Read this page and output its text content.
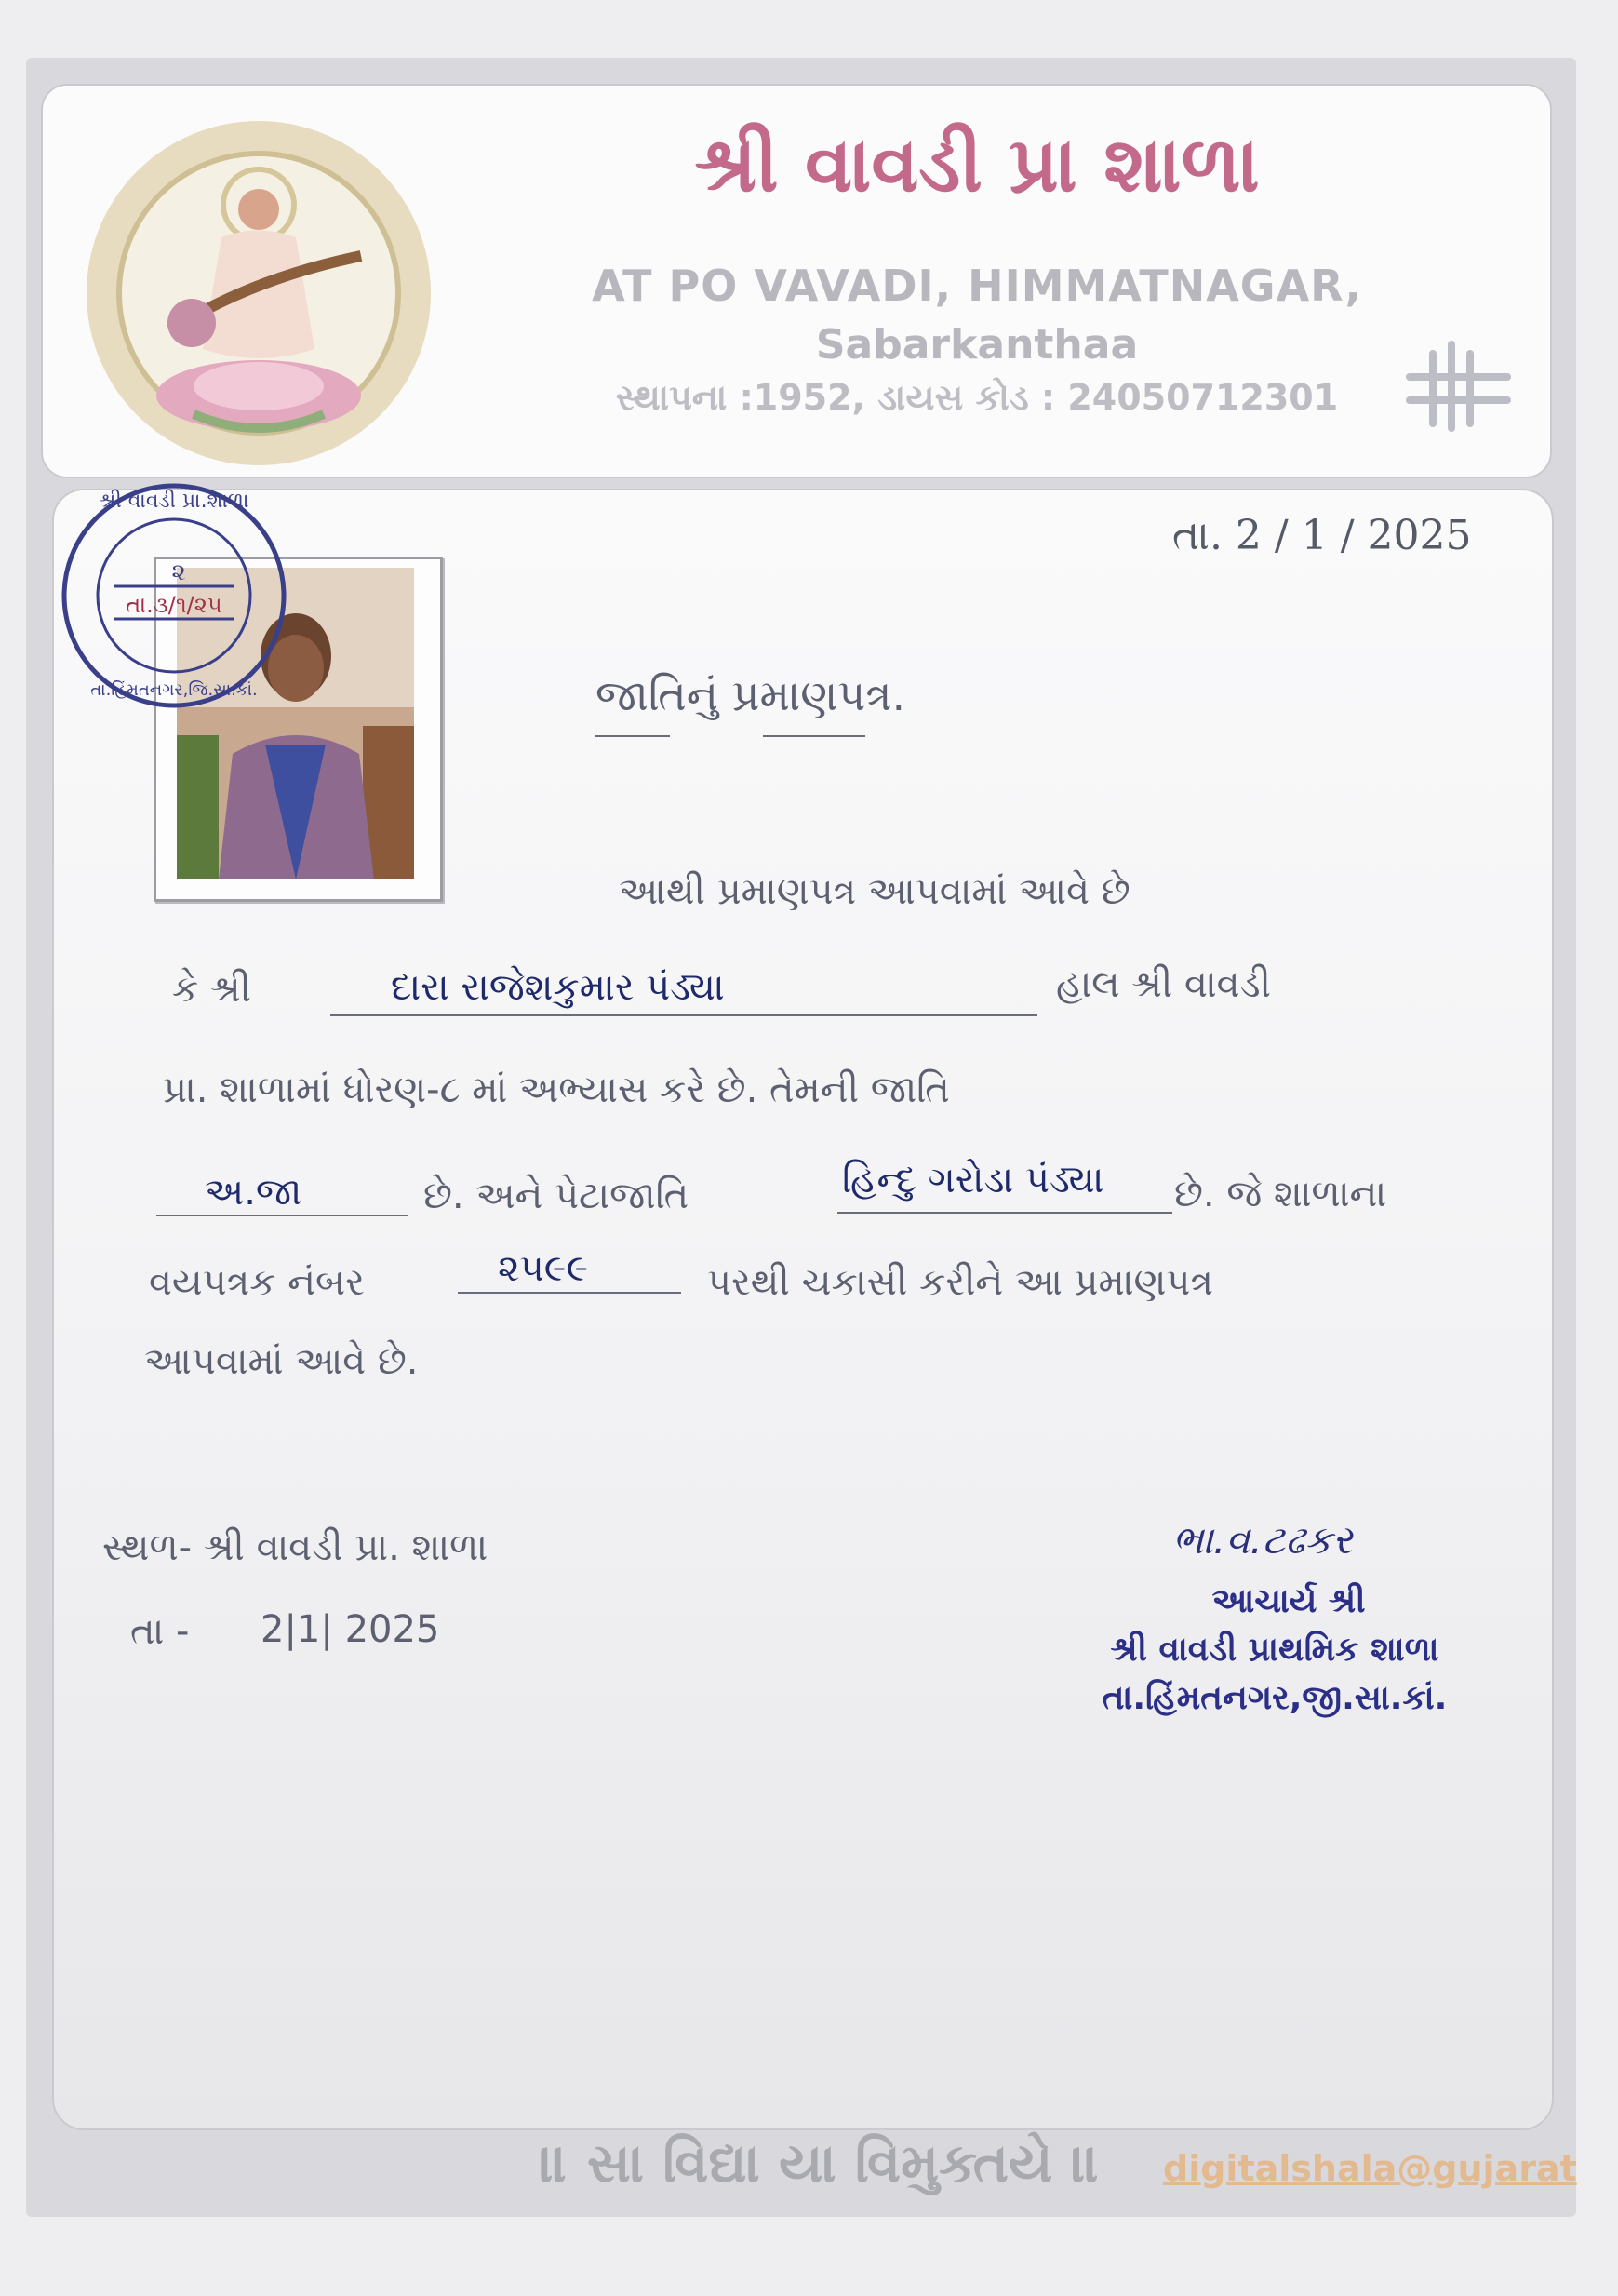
શ્રી વાવડી પ્રા શાળા
AT PO VAVADI, HIMMATNAGAR,
Sabarkanthaa
સ્થાપના :1952, ડાયસ કોડ : 24050712301
શ્રી વાવડી પ્રા.શાળા
૨
તા.૩/૧/૨૫
તા.હિંમતનગર,જિ.સા.કાં.
તા. 2 / 1 / 2025
જાતિનું પ્રમાણપત્ર.
આથી પ્રમાણપત્ર આપવામાં આવે છે
કે શ્રી	દારા રાજેશકુમાર પંડ્યા	હાલ શ્રી વાવડી
પ્રા. શાળામાં ધોરણ-૮ માં અભ્યાસ કરે છે. તેમની જાતિ
અ.જા	છે. અને પેટાજાતિ	હિન્દુ ગરોડા પંડ્યા છે. જે શાળાના
વયપત્રક નંબર	૨૫૯૯	પરથી ચકાસી કરીને આ પ્રમાણપત્ર
આપવામાં આવે છે.
સ્થળ- શ્રી વાવડી પ્રા. શાળા
તા - 2|1| 2025
ભા.વ.ટઢકર
આચાર્ય શ્રી
શ્રી વાવડી પ્રાથમિક શાળા
તા.હિંમતનગર,જી.સા.કાં.
॥ સા વિદ્યા યા વિમુક્તયે ॥ digitalshala@gujarat
